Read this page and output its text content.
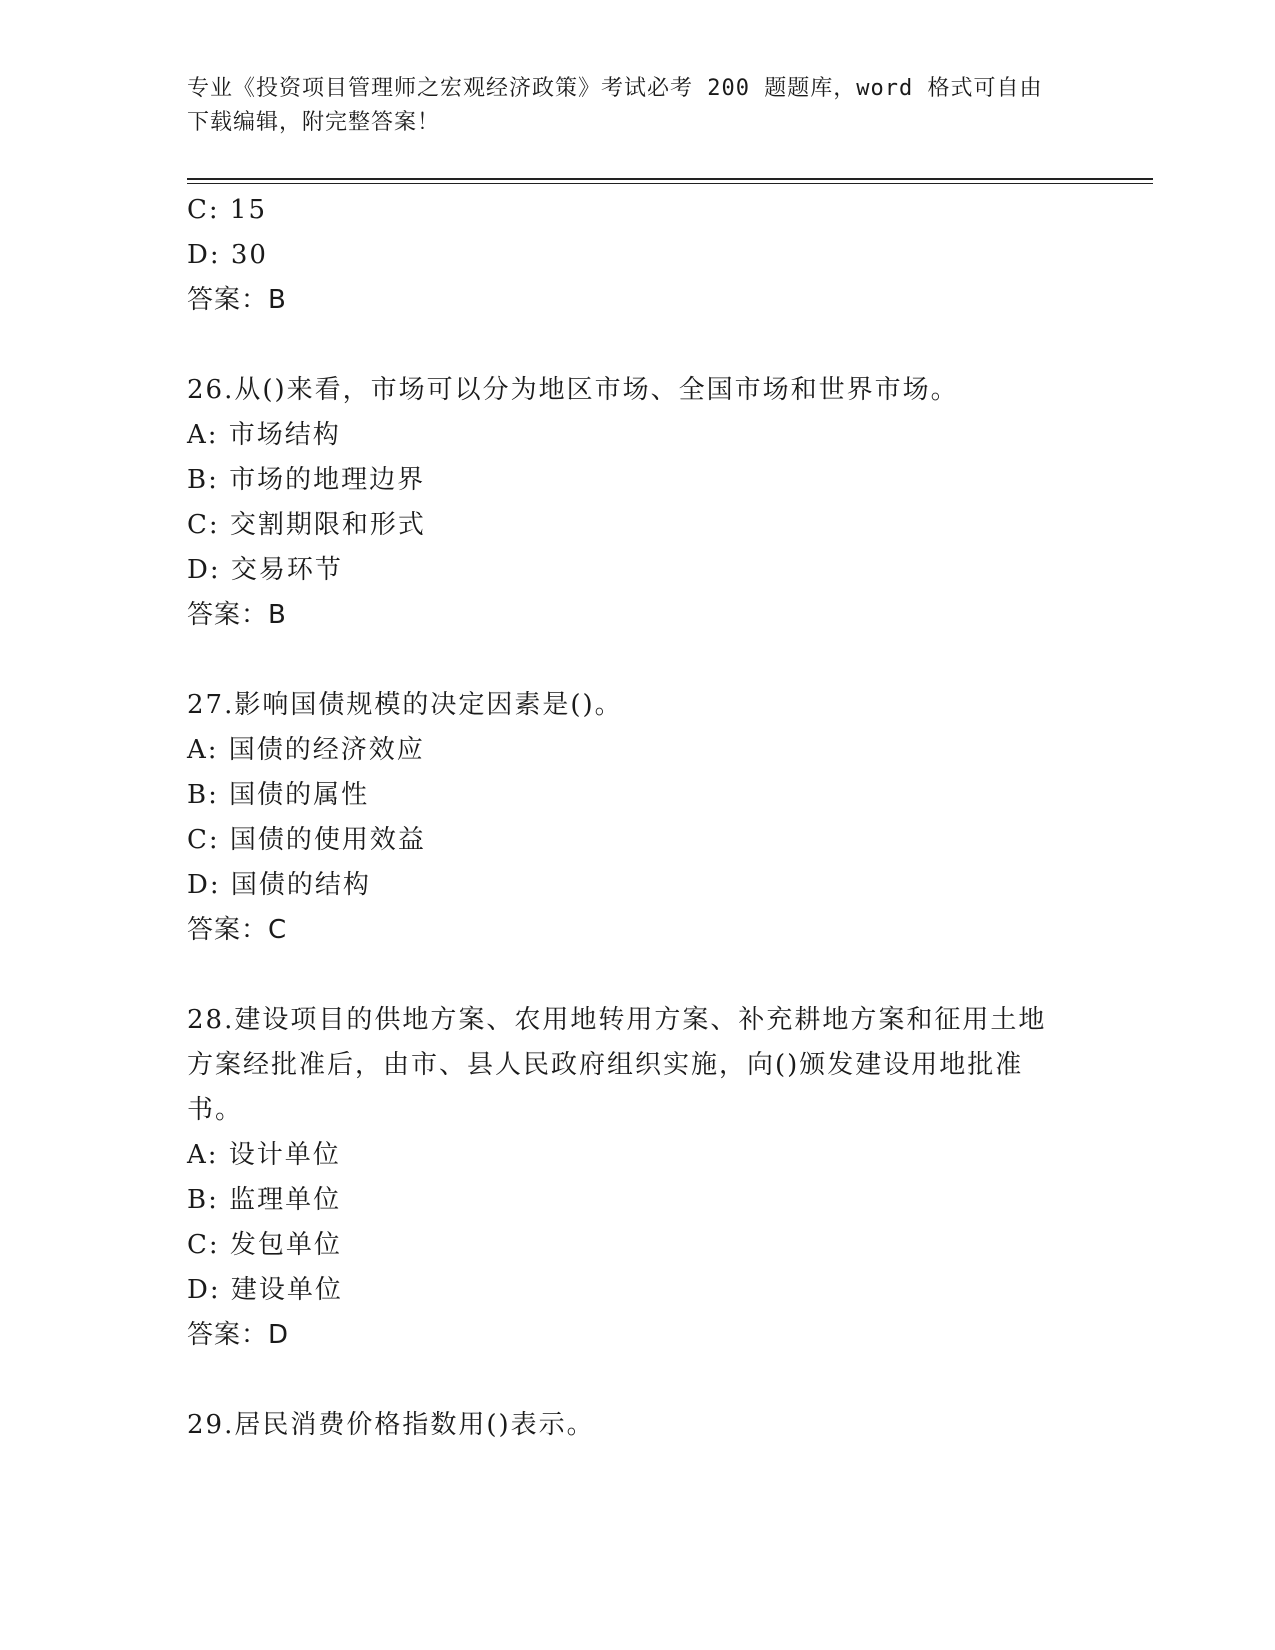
专业《投资项目管理师之宏观经济政策》考试必考 200 题题库，word 格式可自由
下载编辑，附完整答案！
C: 15
D: 30
答案：B
26.从()来看，市场可以分为地区市场、全国市场和世界市场。
A: 市场结构
B: 市场的地理边界
C: 交割期限和形式
D: 交易环节
答案：B
27.影响国债规模的决定因素是()。
A: 国债的经济效应
B: 国债的属性
C: 国债的使用效益
D: 国债的结构
答案：C
28.建设项目的供地方案、农用地转用方案、补充耕地方案和征用土地
方案经批准后，由市、县人民政府组织实施，向()颁发建设用地批准
书。
A: 设计单位
B: 监理单位
C: 发包单位
D: 建设单位
答案：D
29.居民消费价格指数用()表示。
